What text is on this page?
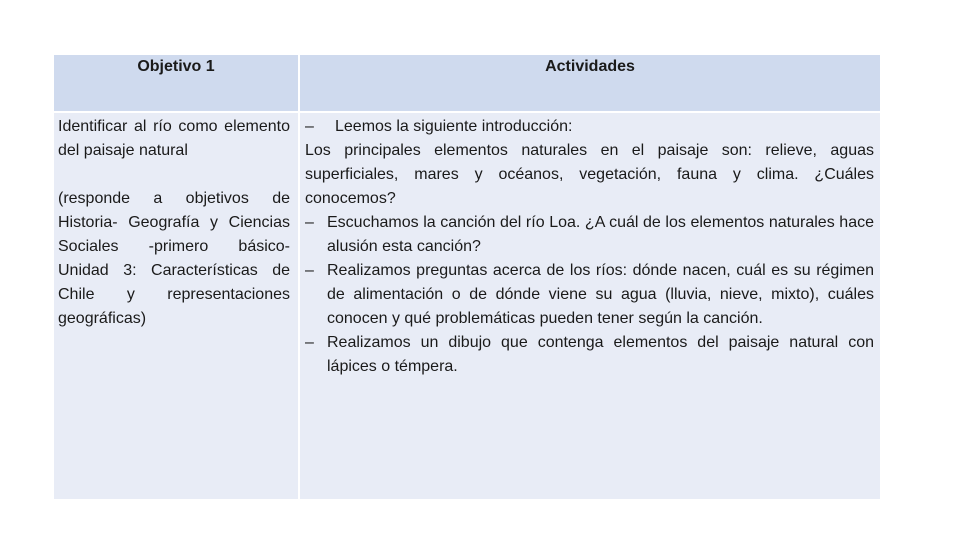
Objetivo 1	Actividades

Identificar al río como elemento del paisaje natural

(responde a objetivos de Historia- Geografía y Ciencias Sociales -primero básico- Unidad 3: Características de Chile y representaciones geográficas)

– Leemos la siguiente introducción:

Los principales elementos naturales en el paisaje son: relieve, aguas superficiales, mares y océanos, vegetación, fauna y clima. ¿Cuáles conocemos?

– Escuchamos la canción del río Loa. ¿A cuál de los elementos naturales hace alusión esta canción?
– Realizamos preguntas acerca de los ríos: dónde nacen, cuál es su régimen de alimentación o de dónde viene su agua (lluvia, nieve, mixto), cuáles conocen y qué problemáticas pueden tener según la canción.
– Realizamos un dibujo que contenga elementos del paisaje natural con lápices o témpera.
